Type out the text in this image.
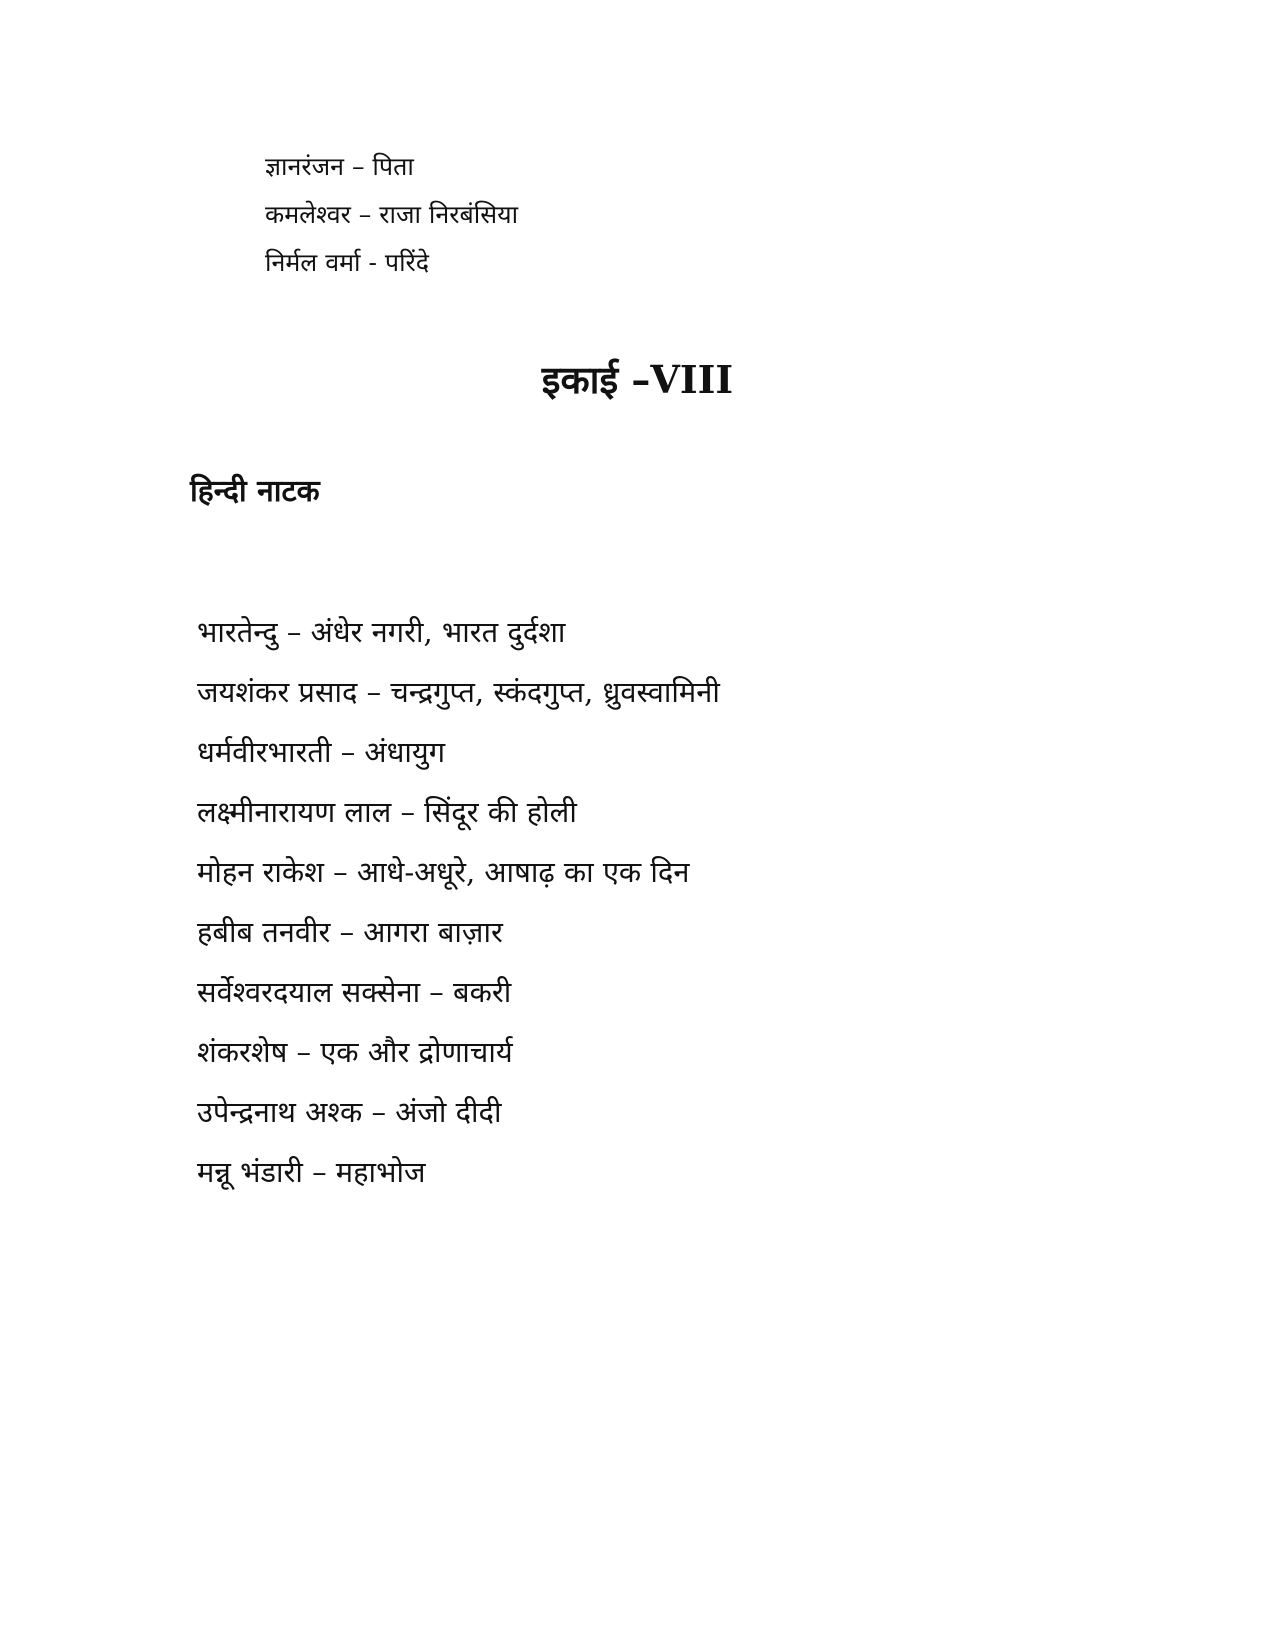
ज्ञानरंजन – पिता
कमलेश्वर – राजा निरबंसिया
निर्मल वर्मा - परिंदे
इकाई –VIII
हिन्दी नाटक
भारतेन्दु – अंधेर नगरी, भारत दुर्दशा
जयशंकर प्रसाद – चन्द्रगुप्त, स्कंदगुप्त, ध्रुवस्वामिनी
धर्मवीरभारती – अंधायुग
लक्ष्मीनारायण लाल – सिंदूर की होली
मोहन राकेश – आधे-अधूरे, आषाढ़ का एक दिन
हबीब तनवीर – आगरा बाज़ार
सर्वेश्वरदयाल सक्सेना – बकरी
शंकरशेष – एक और द्रोणाचार्य
उपेन्द्रनाथ अश्क – अंजो दीदी
मन्नू भंडारी – महाभोज
